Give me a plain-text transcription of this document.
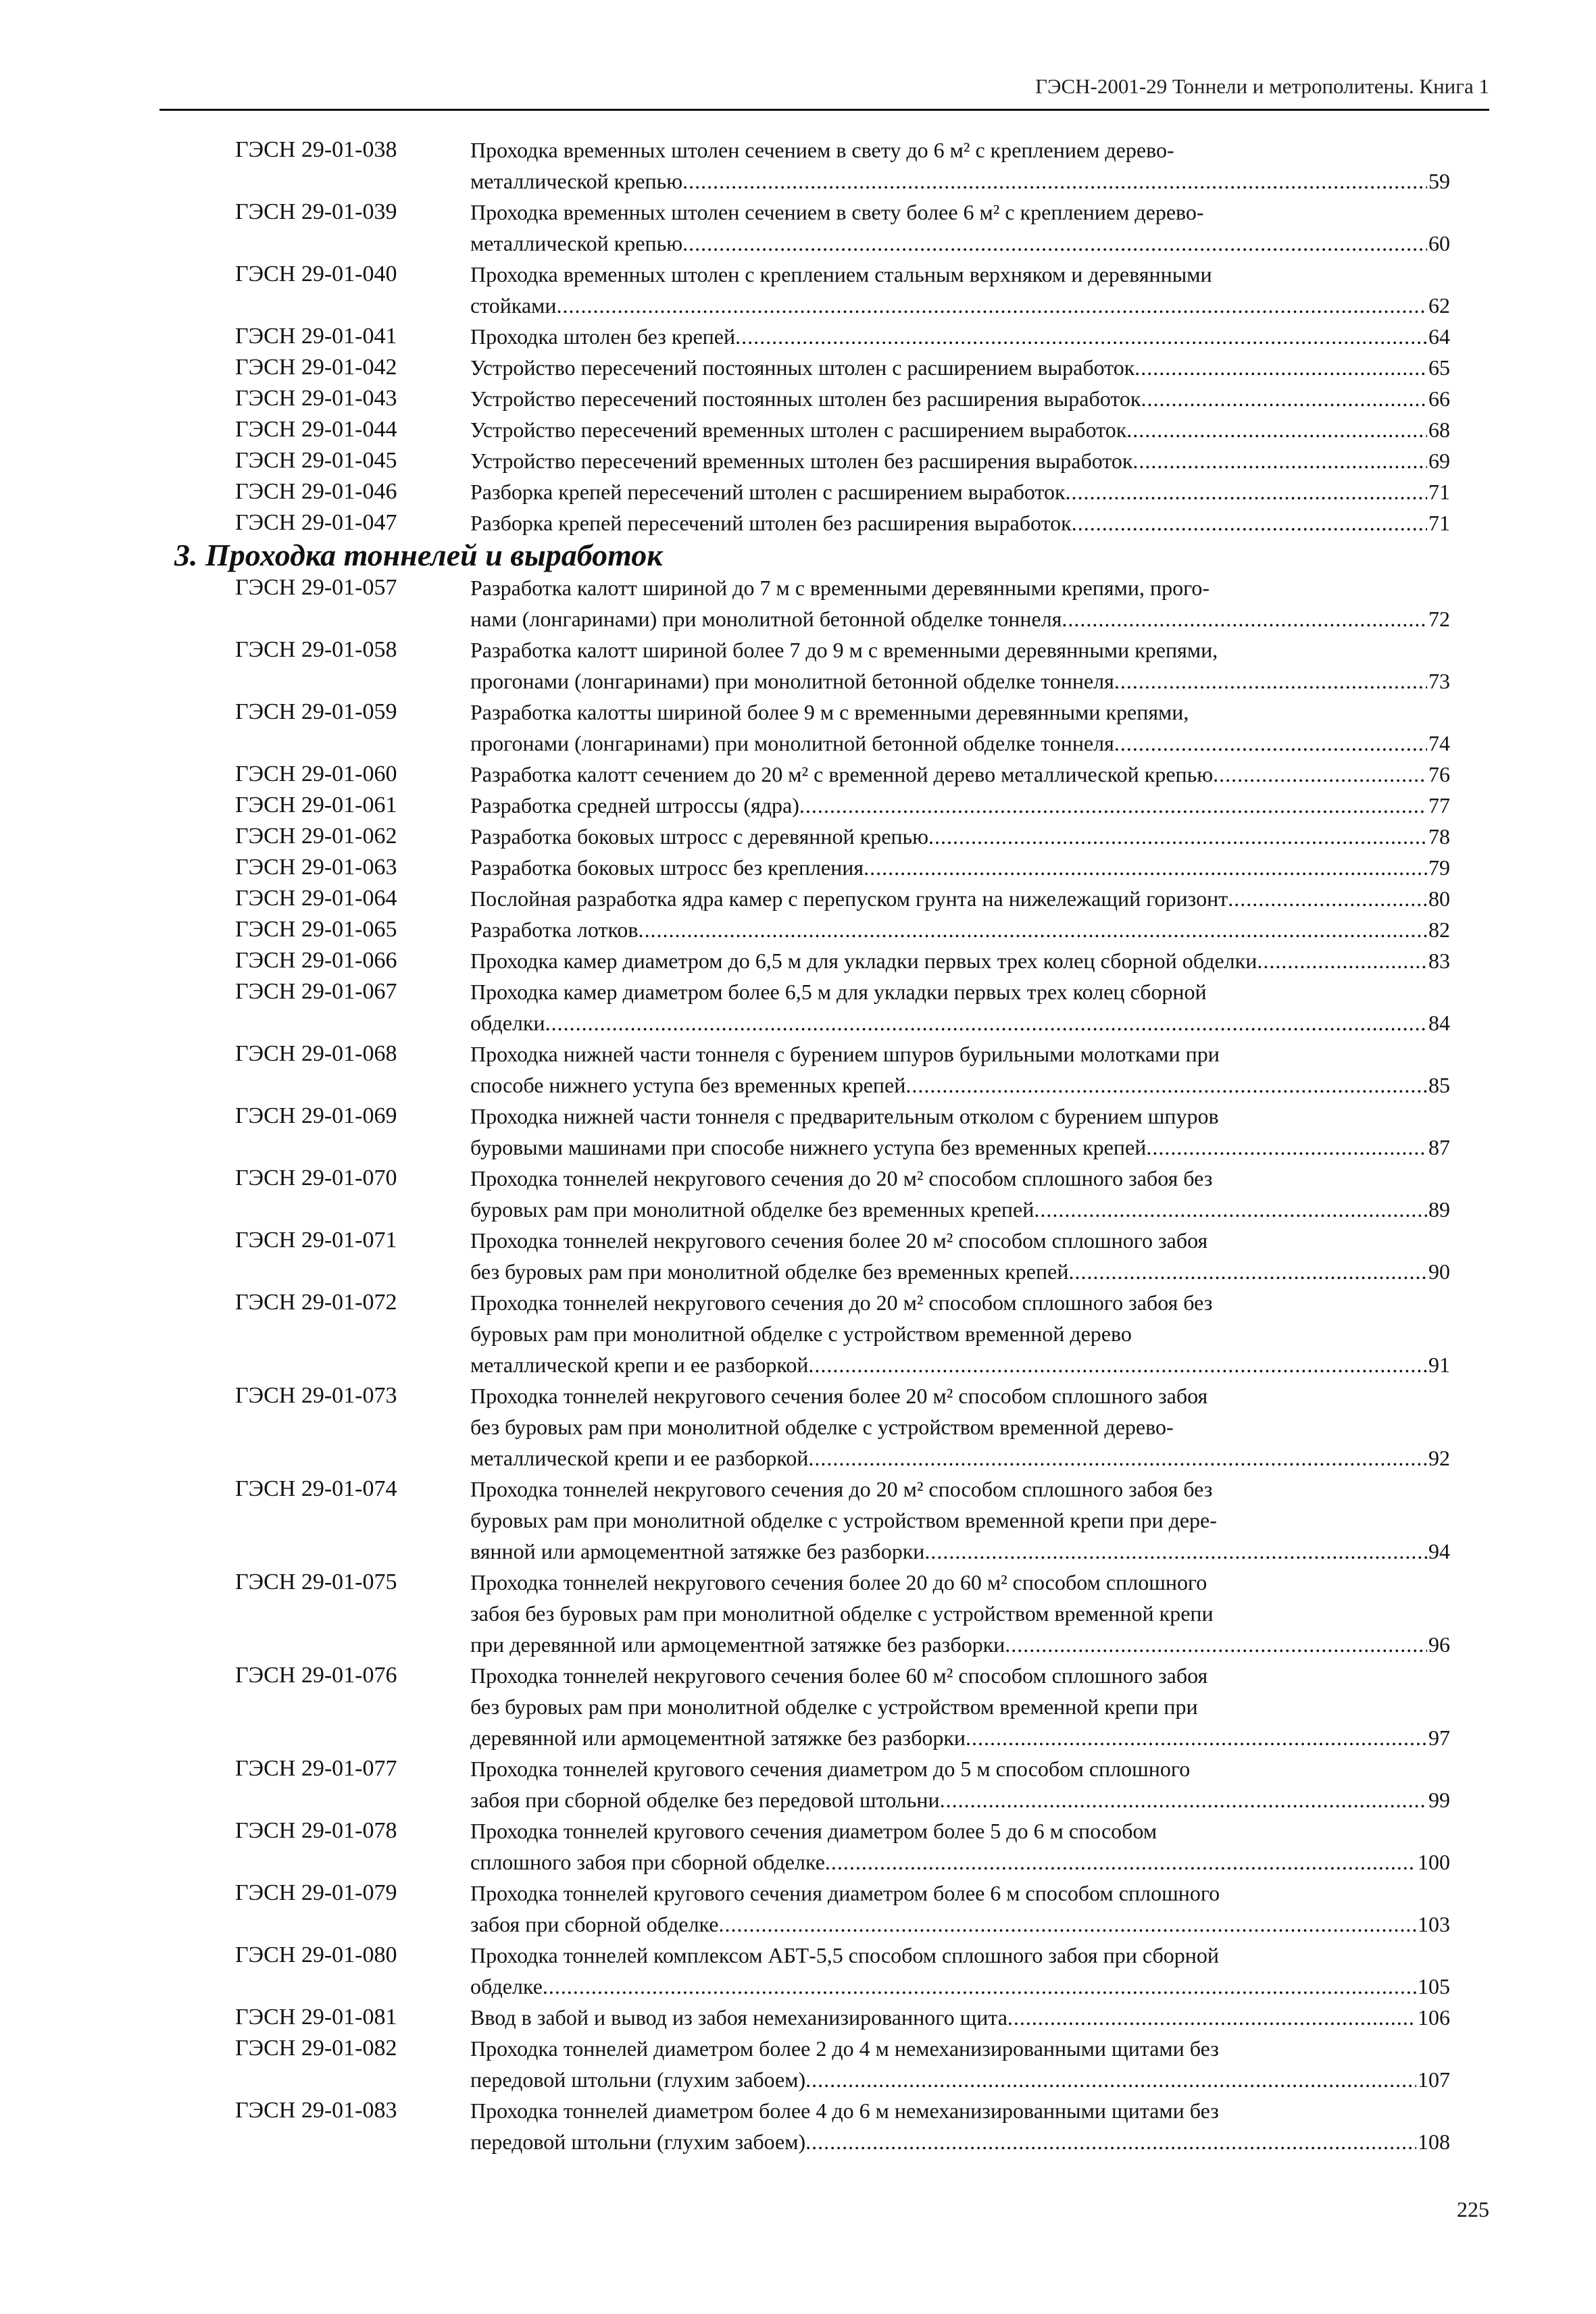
ГЭСН-2001-29 Тоннели и метрополитены. Книга 1
ГЭСН 29-01-038	Проходка временных штолен сечением в свету до 6 м² с креплением дерево-
металлической крепью .....	59
ГЭСН 29-01-039	Проходка временных штолен сечением в свету более 6 м² с креплением дерево-
металлической крепью .....	60
ГЭСН 29-01-040	Проходка временных штолен с креплением стальным верхняком и деревянными
стойками .....	62
ГЭСН 29-01-041	Проходка штолен без крепей .....	64
ГЭСН 29-01-042	Устройство пересечений постоянных штолен с расширением выработок .....	65
ГЭСН 29-01-043	Устройство пересечений постоянных штолен без расширения выработок .....	66
ГЭСН 29-01-044	Устройство пересечений временных штолен с расширением выработок .....	68
ГЭСН 29-01-045	Устройство пересечений временных штолен без расширения выработок .....	69
ГЭСН 29-01-046	Разборка крепей пересечений штолен с расширением выработок .....	71
ГЭСН 29-01-047	Разборка крепей пересечений штолен без расширения выработок .....	71
3. Проходка тоннелей и выработок
ГЭСН 29-01-057	Разработка калотт шириной до 7 м с временными деревянными крепями, прого-
нами (лонгаринами) при монолитной бетонной обделке тоннеля .....	72
ГЭСН 29-01-058	Разработка калотт шириной более 7 до 9 м с временными деревянными крепями,
прогонами (лонгаринами) при монолитной бетонной обделке тоннеля .....	73
ГЭСН 29-01-059	Разработка калотты шириной более 9 м с временными деревянными крепями,
прогонами (лонгаринами) при монолитной бетонной обделке тоннеля .....	74
ГЭСН 29-01-060	Разработка калотт сечением до 20 м² с временной дерево металлической крепью .....	76
ГЭСН 29-01-061	Разработка средней штроссы (ядра) .....	77
ГЭСН 29-01-062	Разработка боковых штросс с деревянной крепью .....	78
ГЭСН 29-01-063	Разработка боковых штросс без крепления .....	79
ГЭСН 29-01-064	Послойная разработка ядра камер с перепуском грунта на нижележащий горизонт .....	80
ГЭСН 29-01-065	Разработка лотков .....	82
ГЭСН 29-01-066	Проходка камер диаметром до 6,5 м для укладки первых трех колец сборной обделки .....	83
ГЭСН 29-01-067	Проходка камер диаметром более 6,5 м для укладки первых трех колец сборной
обделки .....	84
ГЭСН 29-01-068	Проходка нижней части тоннеля с бурением шпуров бурильными молотками при
способе нижнего уступа без временных крепей .....	85
ГЭСН 29-01-069	Проходка нижней части тоннеля с предварительным отколом с бурением шпуров
буровыми машинами при способе нижнего уступа без временных крепей .....	87
ГЭСН 29-01-070	Проходка тоннелей некругового сечения до 20 м² способом сплошного забоя без
буровых рам при монолитной обделке без временных крепей .....	89
ГЭСН 29-01-071	Проходка тоннелей некругового сечения более 20 м² способом сплошного забоя
без буровых рам при монолитной обделке без временных крепей .....	90
ГЭСН 29-01-072	Проходка тоннелей некругового сечения до 20 м² способом сплошного забоя без
буровых рам при монолитной обделке с устройством временной дерево
металлической крепи и ее разборкой .....	91
ГЭСН 29-01-073	Проходка тоннелей некругового сечения более 20 м² способом сплошного забоя
без буровых рам при монолитной обделке с устройством временной дерево-
металлической крепи и ее разборкой .....	92
ГЭСН 29-01-074	Проходка тоннелей некругового сечения до 20 м² способом сплошного забоя без
буровых рам при монолитной обделке с устройством временной крепи при дере-
вянной или армоцементной затяжке без разборки .....	94
ГЭСН 29-01-075	Проходка тоннелей некругового сечения более 20 до 60 м² способом сплошного
забоя без буровых рам при монолитной обделке с устройством временной крепи
при деревянной или армоцементной затяжке без разборки .....	96
ГЭСН 29-01-076	Проходка тоннелей некругового сечения более 60 м² способом сплошного забоя
без буровых рам при монолитной обделке с устройством временной крепи при
деревянной или армоцементной затяжке без разборки .....	97
ГЭСН 29-01-077	Проходка тоннелей кругового сечения диаметром до 5 м способом сплошного
забоя при сборной обделке без передовой штольни .....	99
ГЭСН 29-01-078	Проходка тоннелей кругового сечения диаметром более 5 до 6 м способом
сплошного забоя при сборной обделке .....	100
ГЭСН 29-01-079	Проходка тоннелей кругового сечения диаметром более 6 м способом сплошного
забоя при сборной обделке .....	103
ГЭСН 29-01-080	Проходка тоннелей комплексом АБТ-5,5 способом сплошного забоя при сборной
обделке .....	105
ГЭСН 29-01-081	Ввод в забой и вывод из забоя немеханизированного щита .....	106
ГЭСН 29-01-082	Проходка тоннелей диаметром более 2 до 4 м немеханизированными щитами без
передовой штольни (глухим забоем) .....	107
ГЭСН 29-01-083	Проходка тоннелей диаметром более 4 до 6 м немеханизированными щитами без
передовой штольни (глухим забоем) .....	108
225
